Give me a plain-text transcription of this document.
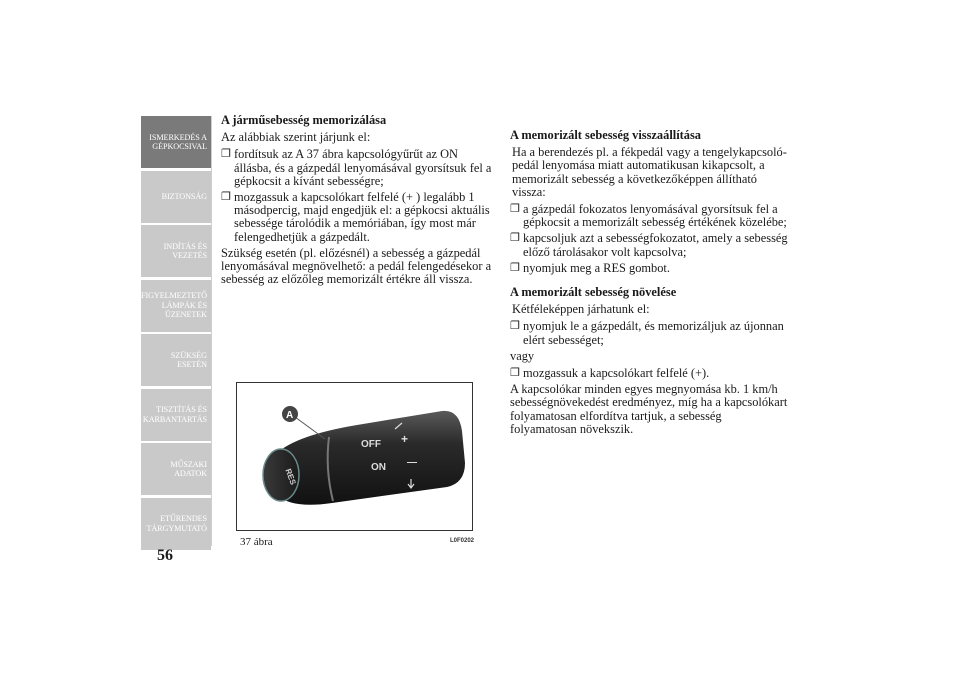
ISMERKEDÉS A
GÉPKOCSIVAL
BIZTONSÁG
INDÍTÁS ÉS
VEZETÉS
FIGYELMEZTETŐ
LÁMPÁK ÉS
ÜZENETEK
SZÜKSÉG ESETÉN
TISZTÍTÁS ÉS
KARBANTARTÁS
MŰSZAKI ADATOK
ETŰRENDES
TÁRGYMUTATÓ
56
A járműsebesség memorizálása

Az alábbiak szerint járjunk el:

❐ fordítsuk az A 37 ábra kapcsológyűrűt az ON állásba, és a gázpedál lenyomásával gyorsítsuk fel a gépkocsit a kívánt sebességre;
❐ mozgassuk a kapcsolókart felfelé (+ ) legalább 1 másodpercig, majd engedjük el: a gépkocsi aktuális sebessége tárolódik a memóriában, így most már felengedhetjük a gázpedált.

Szükség esetén (pl. előzésnél) a sebesség a gázpedál lenyomásával megnövelhető: a pedál felengedésekor a sebesség az előzőleg memorizált értékre áll vissza.

OFF
ON
+
—
RES
A
37 ábra	L0F0202
A memorizált sebesség visszaállítása

Ha a berendezés pl. a fékpedál vagy a tengelykapcsoló-pedál lenyomása miatt automatikusan kikapcsolt, a memorizált sebesség a következőképpen állítható vissza:

❐ a gázpedál fokozatos lenyomásával gyorsítsuk fel a gépkocsit a memorizált sebesség értékének közelébe;
❐ kapcsoljuk azt a sebességfokozatot, amely a sebesség előző tárolásakor volt kapcsolva;
❐ nyomjuk meg a RES gombot.
A memorizált sebesség növelése

Kétféleképpen járhatunk el:

❐ nyomjuk le a gázpedált, és memorizáljuk az újonnan elért sebességet;

vagy

❐ mozgassuk a kapcsolókart felfelé (+).

A kapcsolókar minden egyes megnyomása kb. 1 km/h sebességnövekedést eredményez, míg ha a kapcsolókart folyamatosan elfordítva tartjuk, a sebesség folyamatosan növekszik.
